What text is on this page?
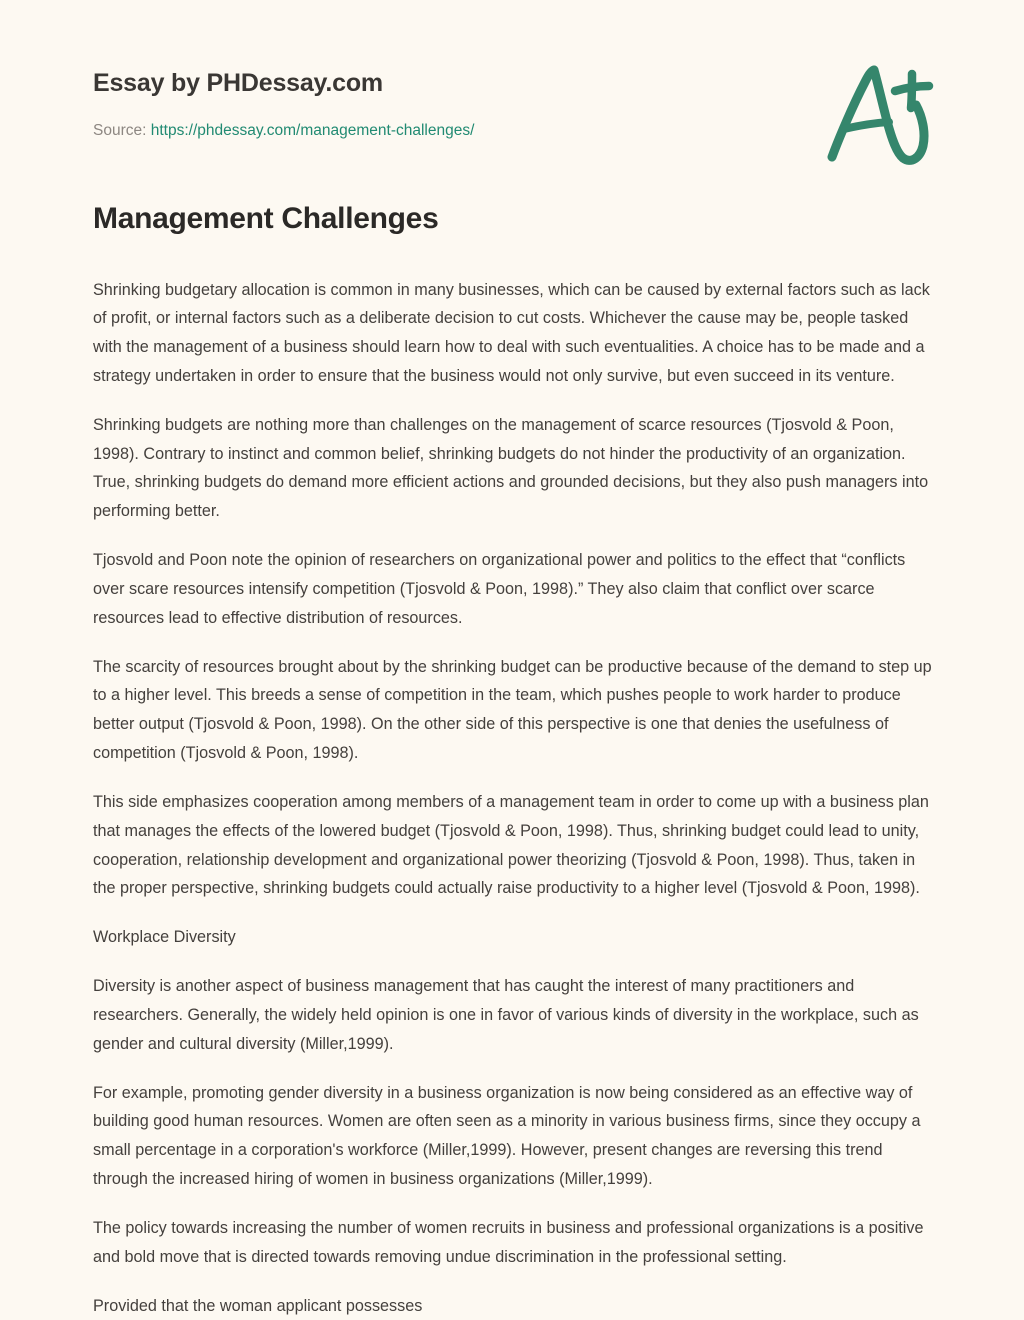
Essay by PHDessay.com
Source: https://phdessay.com/management-challenges/
Management Challenges

Shrinking budgetary allocation is common in many businesses, which can be caused by external factors such as lack of profit, or internal factors such as a deliberate decision to cut costs. Whichever the cause may be, people tasked with the management of a business should learn how to deal with such eventualities. A choice has to be made and a strategy undertaken in order to ensure that the business would not only survive, but even succeed in its venture.

Shrinking budgets are nothing more than challenges on the management of scarce resources (Tjosvold & Poon, 1998). Contrary to instinct and common belief, shrinking budgets do not hinder the productivity of an organization. True, shrinking budgets do demand more efficient actions and grounded decisions, but they also push managers into performing better.

Tjosvold and Poon note the opinion of researchers on organizational power and politics to the effect that “conflicts over scare resources intensify competition (Tjosvold & Poon, 1998).” They also claim that conflict over scarce resources lead to effective distribution of resources.

The scarcity of resources brought about by the shrinking budget can be productive because of the demand to step up to a higher level. This breeds a sense of competition in the team, which pushes people to work harder to produce better output (Tjosvold & Poon, 1998). On the other side of this perspective is one that denies the usefulness of competition (Tjosvold & Poon, 1998).

This side emphasizes cooperation among members of a management team in order to come up with a business plan that manages the effects of the lowered budget (Tjosvold & Poon, 1998). Thus, shrinking budget could lead to unity, cooperation, relationship development and organizational power theorizing (Tjosvold & Poon, 1998). Thus, taken in the proper perspective, shrinking budgets could actually raise productivity to a higher level (Tjosvold & Poon, 1998).

Workplace Diversity

Diversity is another aspect of business management that has caught the interest of many practitioners and researchers. Generally, the widely held opinion is one in favor of various kinds of diversity in the workplace, such as gender and cultural diversity (Miller,1999).

For example, promoting gender diversity in a business organization is now being considered as an effective way of building good human resources. Women are often seen as a minority in various business firms, since they occupy a small percentage in a corporation's workforce (Miller,1999). However, present changes are reversing this trend through the increased hiring of women in business organizations (Miller,1999).

The policy towards increasing the number of women recruits in business and professional organizations is a positive and bold move that is directed towards removing undue discrimination in the professional setting.

Provided that the woman applicant possesses
